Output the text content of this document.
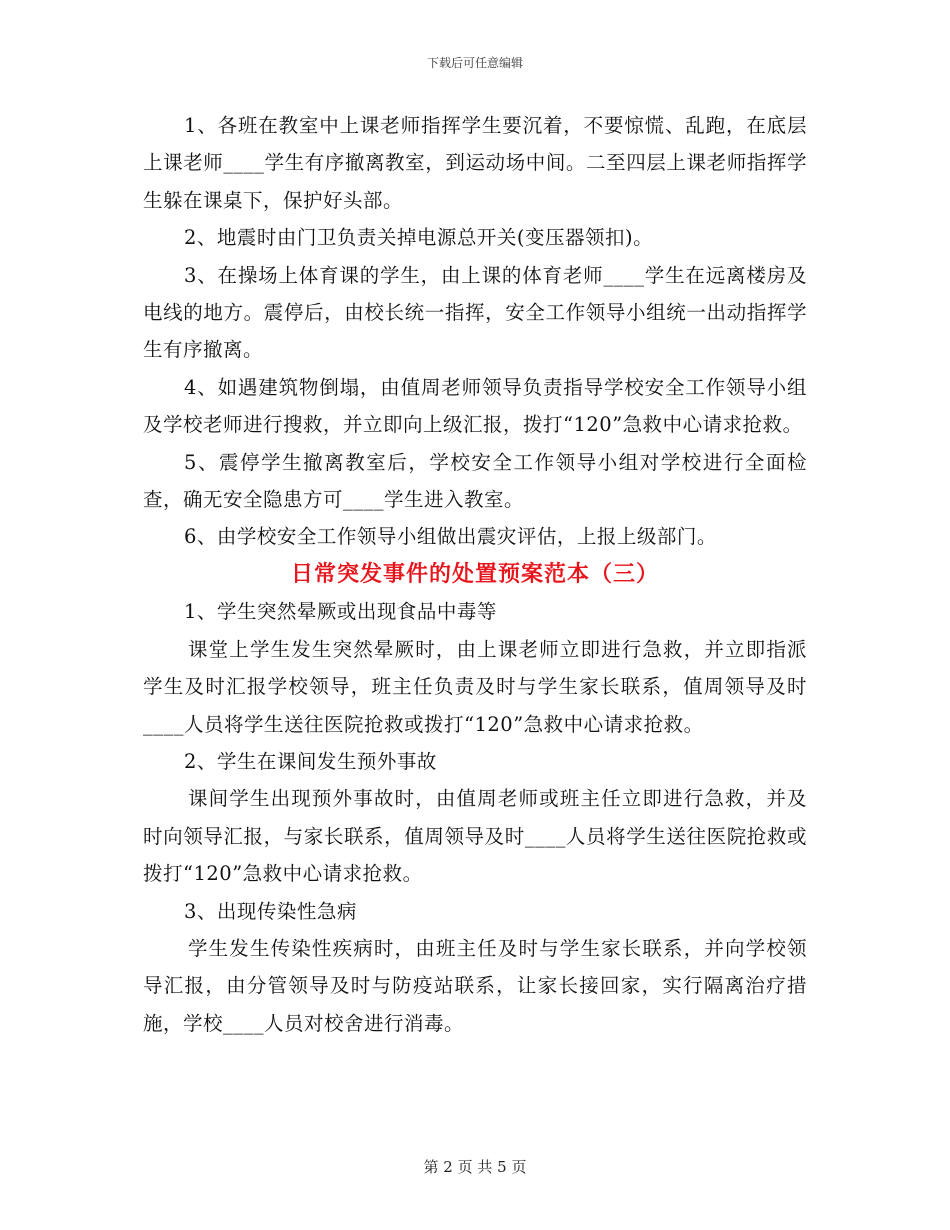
下载后可任意编辑

1、各班在教室中上课老师指挥学生要沉着，不要惊慌、乱跑，在底层上课老师____学生有序撤离教室，到运动场中间。二至四层上课老师指挥学生躲在课桌下，保护好头部。

2、地震时由门卫负责关掉电源总开关(变压器领扣)。

3、在操场上体育课的学生，由上课的体育老师____学生在远离楼房及电线的地方。震停后，由校长统一指挥，安全工作领导小组统一出动指挥学生有序撤离。

4、如遇建筑物倒塌，由值周老师领导负责指导学校安全工作领导小组及学校老师进行搜救，并立即向上级汇报，拨打“120”急救中心请求抢救。

5、震停学生撤离教室后，学校安全工作领导小组对学校进行全面检查，确无安全隐患方可____学生进入教室。

6、由学校安全工作领导小组做出震灾评估，上报上级部门。

日常突发事件的处置预案范本（三）

1、学生突然晕厥或出现食品中毒等

课堂上学生发生突然晕厥时，由上课老师立即进行急救，并立即指派学生及时汇报学校领导，班主任负责及时与学生家长联系，值周领导及时____人员将学生送往医院抢救或拨打“120”急救中心请求抢救。

2、学生在课间发生预外事故

课间学生出现预外事故时，由值周老师或班主任立即进行急救，并及时向领导汇报，与家长联系，值周领导及时____人员将学生送往医院抢救或拨打“120”急救中心请求抢救。

3、出现传染性急病

学生发生传染性疾病时，由班主任及时与学生家长联系，并向学校领导汇报，由分管领导及时与防疫站联系，让家长接回家，实行隔离治疗措施，学校____人员对校舍进行消毒。

第 2 页 共 5 页
